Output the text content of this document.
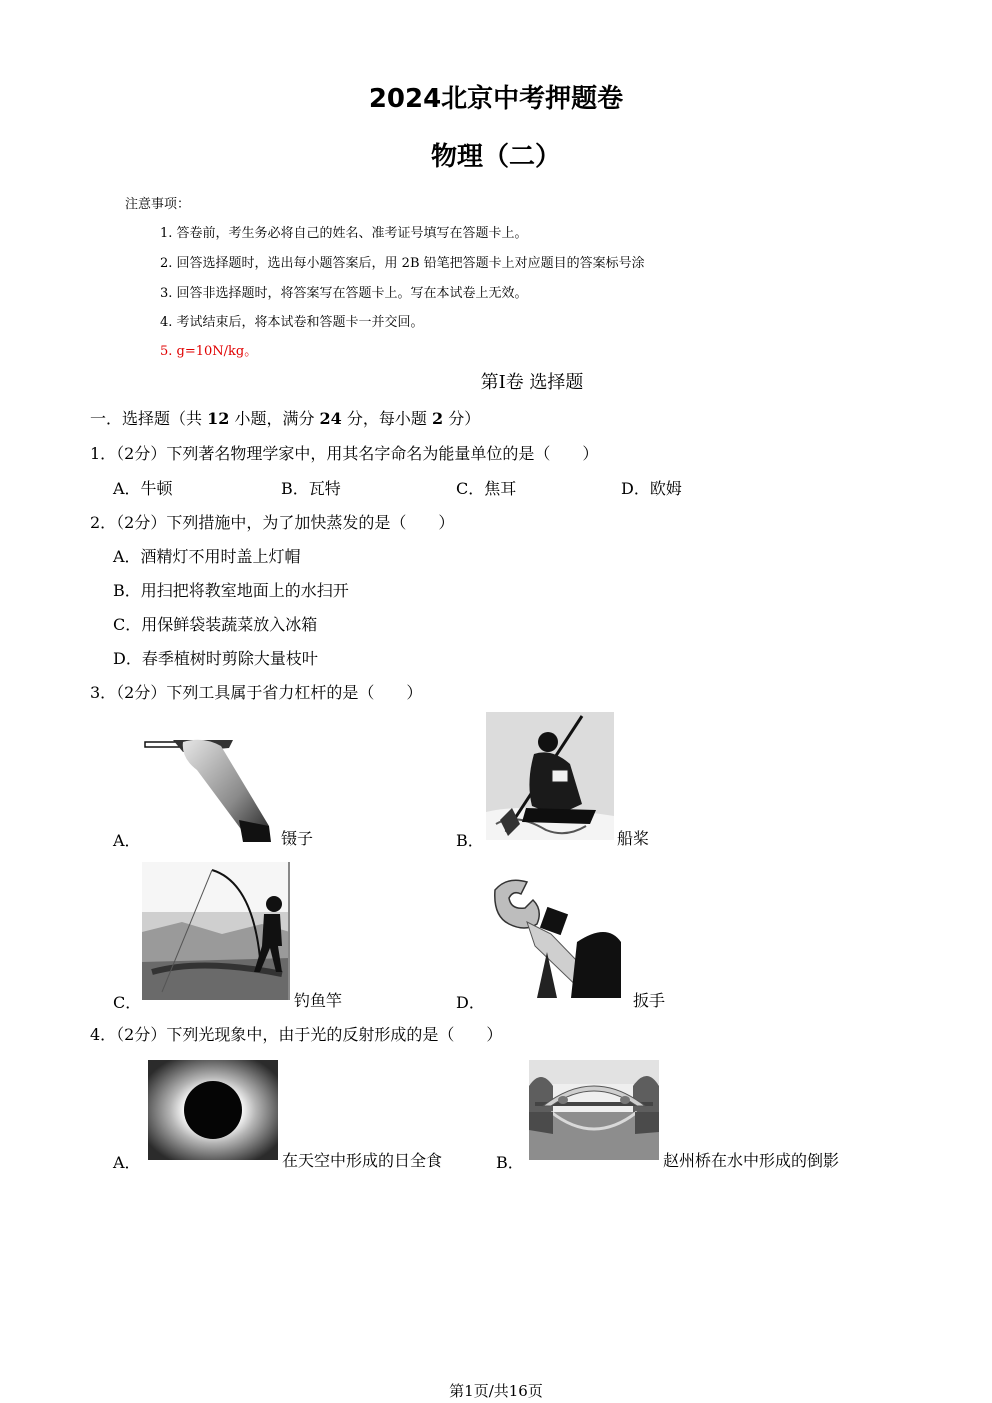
2024北京中考押题卷
物理（二）
注意事项：
1. 答卷前，考生务必将自己的姓名、准考证号填写在答题卡上。
2. 回答选择题时，选出每小题答案后，用 2B 铅笔把答题卡上对应题目的答案标号涂
3. 回答非选择题时，将答案写在答题卡上。写在本试卷上无效。
4. 考试结束后，将本试卷和答题卡一并交回。
5. g=10N/kg。
第Ⅰ卷 选择题
一．选择题（共 12 小题，满分 24 分，每小题 2 分）
1．（2分）下列著名物理学家中，用其名字命名为能量单位的是（　　）
A．牛顿	B．瓦特	C．焦耳	D．欧姆
2．（2分）下列措施中，为了加快蒸发的是（　　）
A．酒精灯不用时盖上灯帽
B．用扫把将教室地面上的水扫开
C．用保鲜袋装蔬菜放入冰箱
D．春季植树时剪除大量枝叶
3．（2分）下列工具属于省力杠杆的是（　　）
A．	镊子	B．	船桨
C．	钓鱼竿	D．	扳手
4．（2分）下列光现象中，由于光的反射形成的是（　　）
A．	在天空中形成的日全食	B．	赵州桥在水中形成的倒影
第1页/共16页
